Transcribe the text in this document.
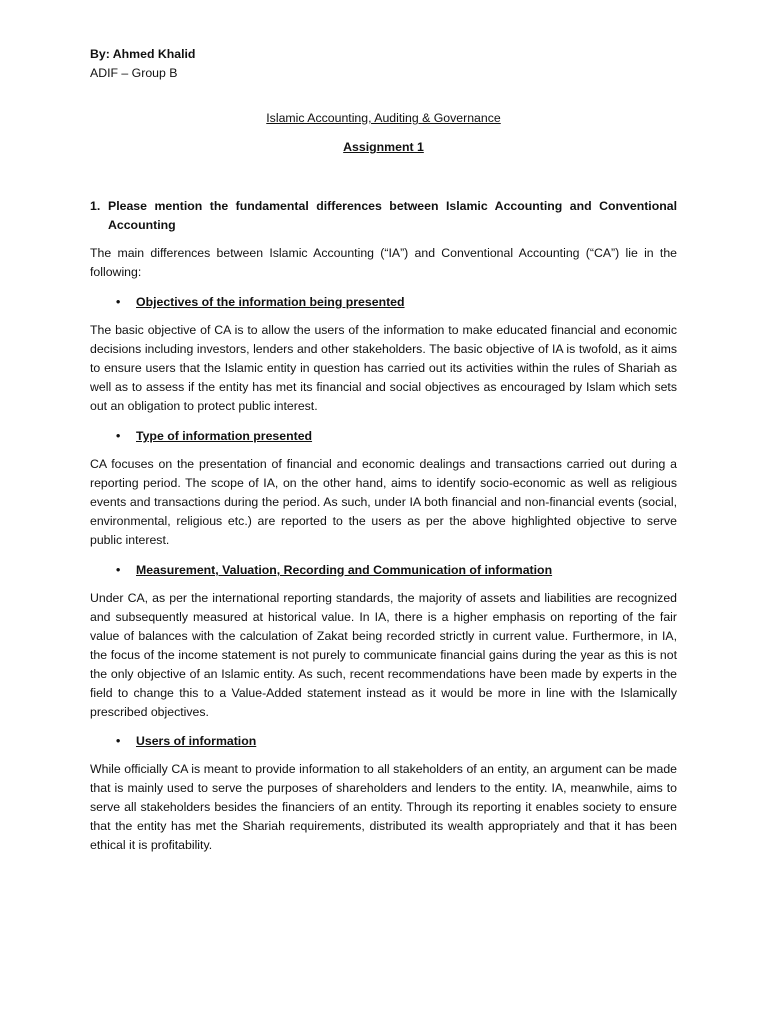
By: Ahmed Khalid
ADIF – Group B
Islamic Accounting, Auditing & Governance
Assignment 1
1. Please mention the fundamental differences between Islamic Accounting and Conventional Accounting
The main differences between Islamic Accounting (“IA”) and Conventional Accounting (“CA”) lie in the following:
• Objectives of the information being presented
The basic objective of CA is to allow the users of the information to make educated financial and economic decisions including investors, lenders and other stakeholders. The basic objective of IA is twofold, as it aims to ensure users that the Islamic entity in question has carried out its activities within the rules of Shariah as well as to assess if the entity has met its financial and social objectives as encouraged by Islam which sets out an obligation to protect public interest.
• Type of information presented
CA focuses on the presentation of financial and economic dealings and transactions carried out during a reporting period. The scope of IA, on the other hand, aims to identify socio-economic as well as religious events and transactions during the period. As such, under IA both financial and non-financial events (social, environmental, religious etc.) are reported to the users as per the above highlighted objective to serve public interest.
• Measurement, Valuation, Recording and Communication of information
Under CA, as per the international reporting standards, the majority of assets and liabilities are recognized and subsequently measured at historical value. In IA, there is a higher emphasis on reporting of the fair value of balances with the calculation of Zakat being recorded strictly in current value. Furthermore, in IA, the focus of the income statement is not purely to communicate financial gains during the year as this is not the only objective of an Islamic entity. As such, recent recommendations have been made by experts in the field to change this to a Value-Added statement instead as it would be more in line with the Islamically prescribed objectives.
• Users of information
While officially CA is meant to provide information to all stakeholders of an entity, an argument can be made that is mainly used to serve the purposes of shareholders and lenders to the entity. IA, meanwhile, aims to serve all stakeholders besides the financiers of an entity. Through its reporting it enables society to ensure that the entity has met the Shariah requirements, distributed its wealth appropriately and that it has been ethical it is profitability.
